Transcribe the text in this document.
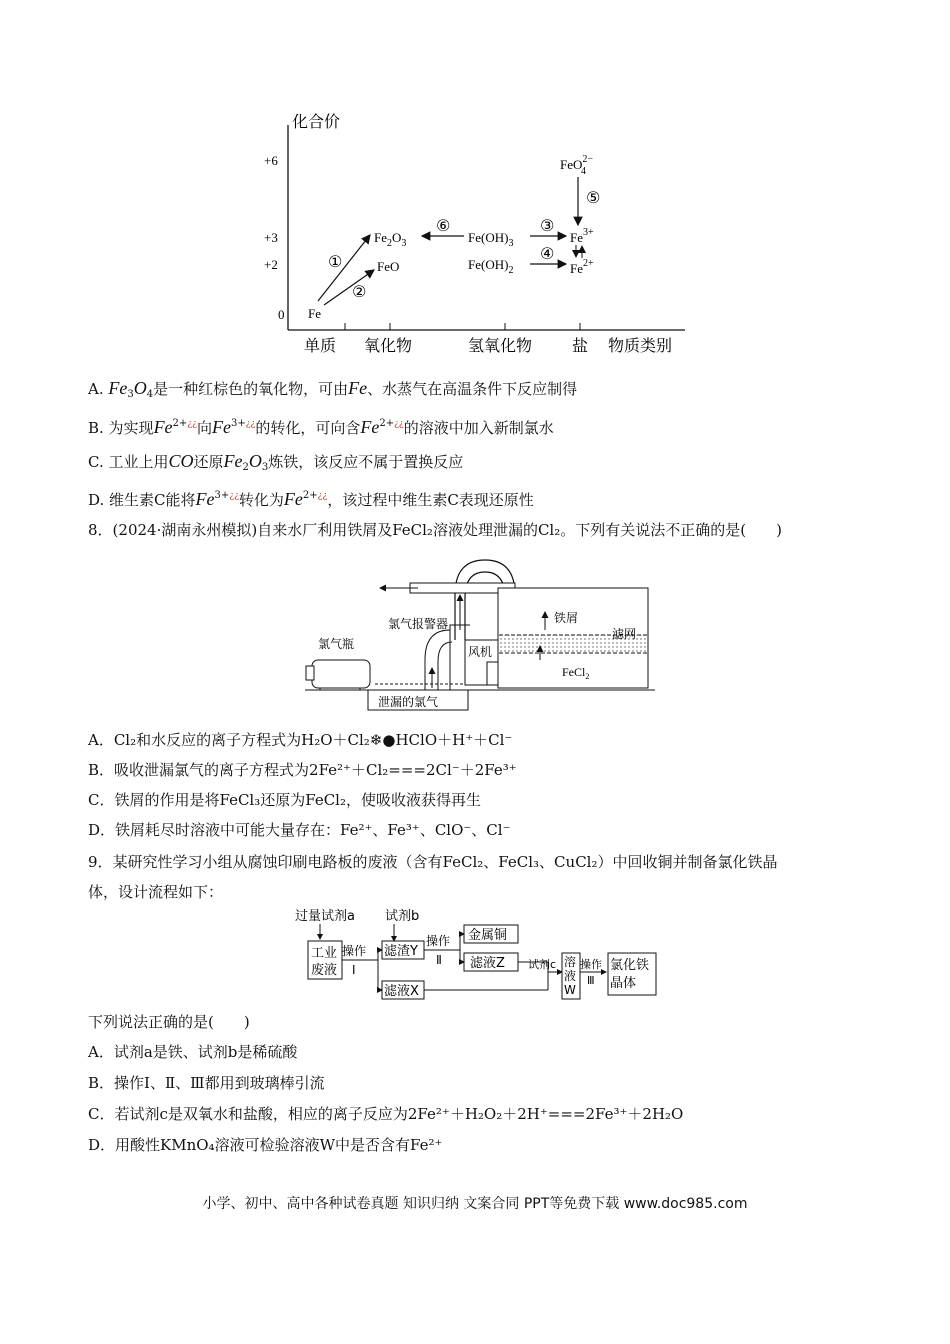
化合价
+6
+3
+2
0
单质 氧化物	氢氧化物 盐 物质类别
Fe
FeO
$Fe_2O_3$	$Fe(OH)_3$
$Fe(OH)_2$
$Fe^{3+}$
$Fe^{2+}$
FeO$^{2-}$ 4
①
②
⑥	③
④
⑤
A. $Fe_3O_4$是一种红棕色的氧化物，可由Fe、水蒸气在高温条件下反应制得
B. 为实现$Fe^{2+¿¿}$向$Fe^{3+¿¿}$的转化，可向含$Fe^{2+¿¿}$的溶液中加入新制氯水
C. 工业上用CO还原$Fe_2O_3$炼铁，该反应不属于置换反应
D. 维生素C能将$Fe^{3+¿¿}$转化为$Fe^{2+¿¿}$，该过程中维生素C表现还原性
8．(2024·湖南永州模拟)自来水厂利用铁屑及FeCl₂溶液处理泄漏的Cl₂。下列有关说法不正确的是(　　)
氯气瓶
泄漏的氯气
风机
氯气报警器	铁屑
滤网
FeCl$_2$
A．Cl₂和水反应的离子方程式为H₂O＋Cl₂❄●HClO＋H⁺＋Cl⁻
B．吸收泄漏氯气的离子方程式为2Fe²⁺＋Cl₂===2Cl⁻＋2Fe³⁺
C．铁屑的作用是将FeCl₃还原为FeCl₂，使吸收液获得再生
D．铁屑耗尽时溶液中可能大量存在：Fe²⁺、Fe³⁺、ClO⁻、Cl⁻
9．某研究性学习小组从腐蚀印刷电路板的废液（含有FeCl₂、FeCl₃、CuCl₂）中回收铜并制备氯化铁晶
体，设计流程如下：
过量试剂a 试剂b
工业
废液
操作
Ⅰ
滤渣Y
滤液X
操作
Ⅱ
金属铜
滤液Z 试剂c 溶
液
W
操作
Ⅲ
氯化铁
晶体
下列说法正确的是(　　)
A．试剂a是铁、试剂b是稀硫酸
B．操作Ⅰ、Ⅱ、Ⅲ都用到玻璃棒引流
C．若试剂c是双氧水和盐酸，相应的离子反应为2Fe²⁺＋H₂O₂＋2H⁺===2Fe³⁺＋2H₂O
D．用酸性KMnO₄溶液可检验溶液W中是否含有Fe²⁺
小学、初中、高中各种试卷真题 知识归纳 文案合同 PPT等免费下载 www.doc985.com
